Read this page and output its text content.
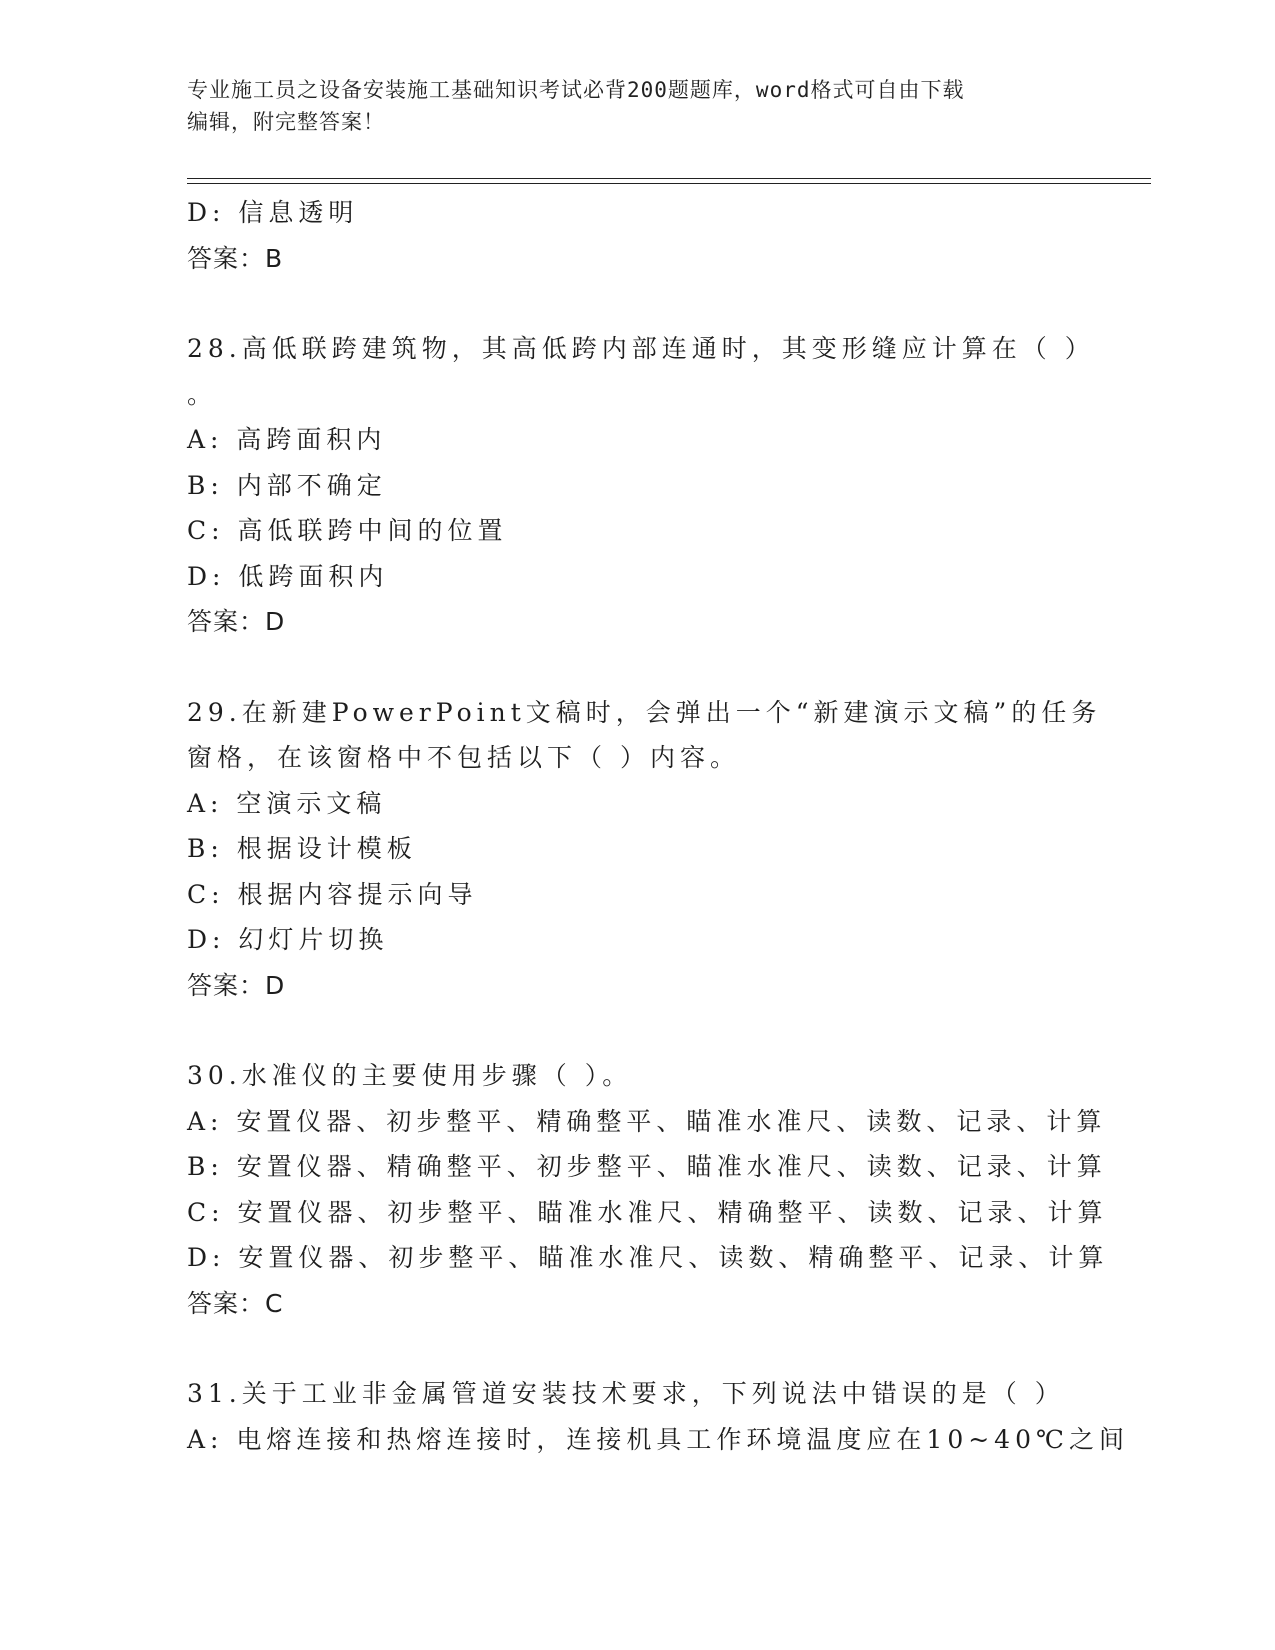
专业施工员之设备安装施工基础知识考试必背200题题库，word格式可自由下载
编辑，附完整答案！
D: 信息透明
答案：B
28.高低联跨建筑物，其高低跨内部连通时，其变形缝应计算在（ ）
。
A: 高跨面积内
B: 内部不确定
C: 高低联跨中间的位置
D: 低跨面积内
答案：D
29.在新建PowerPoint文稿时，会弹出一个“新建演示文稿”的任务
窗格，在该窗格中不包括以下（ ）内容。
A: 空演示文稿
B: 根据设计模板
C: 根据内容提示向导
D: 幻灯片切换
答案：D
30.水准仪的主要使用步骤（ ）。
A: 安置仪器、初步整平、精确整平、瞄准水准尺、读数、记录、计算
B: 安置仪器、精确整平、初步整平、瞄准水准尺、读数、记录、计算
C: 安置仪器、初步整平、瞄准水准尺、精确整平、读数、记录、计算
D: 安置仪器、初步整平、瞄准水准尺、读数、精确整平、记录、计算
答案：C
31.关于工业非金属管道安装技术要求，下列说法中错误的是（ ）
A: 电熔连接和热熔连接时，连接机具工作环境温度应在10~40℃之间
